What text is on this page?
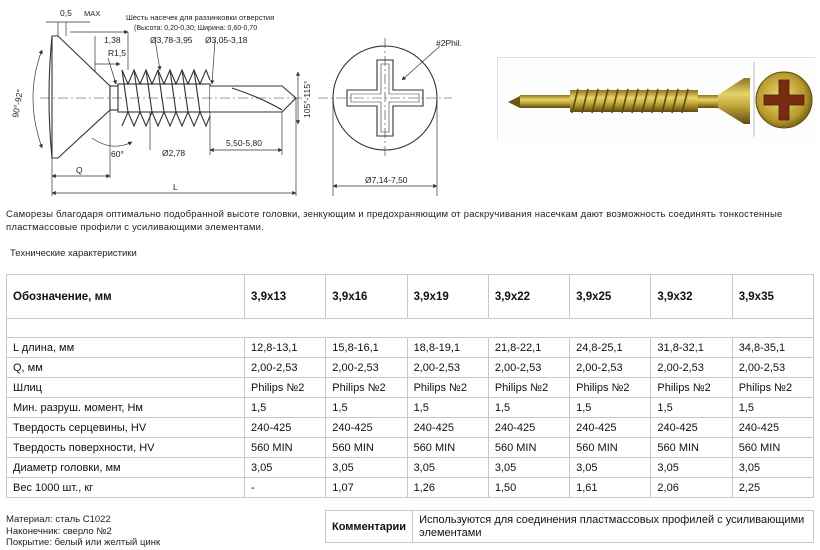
0,5 MAX	Шесть насечек для раззинковки отверстия
(Высота: 0,20-0,30; Ширина: 0,60-0,70
1,38	Ø3,78-3,95 Ø3,05-3,18
R1,5
90°-92°
60°	Ø2,78
5,50-5,80
105°-115°
Q
L
#2Phil.
Ø7,14-7,50
Саморезы благодаря оптимально подобранной высоте головки, зенкующим и предохраняющим от раскручивания насечкам дают возможность соединять тонкостенные пластмассовые профили с усиливающими элементами.
Технические характеристики
Обозначение, мм	3,9x13	3,9x16	3,9x19	3,9x22	3,9x25	3,9x32	3,9x35

L длина, мм	12,8-13,1	15,8-16,1	18,8-19,1	21,8-22,1	24,8-25,1	31,8-32,1	34,8-35,1
Q, мм	2,00-2,53	2,00-2,53	2,00-2,53	2,00-2,53	2,00-2,53	2,00-2,53	2,00-2,53
Шлиц	Philips №2	Philips №2	Philips №2	Philips №2	Philips №2	Philips №2	Philips №2
Мин. разруш. момент, Нм	1,5	1,5	1,5	1,5	1,5	1,5	1,5
Твердость серцевины, HV	240-425	240-425	240-425	240-425	240-425	240-425	240-425
Твердость поверхности, HV	560 MIN	560 MIN	560 MIN	560 MIN	560 MIN	560 MIN	560 MIN
Диаметр головки, мм	3,05	3,05	3,05	3,05	3,05	3,05	3,05
Вес 1000 шт., кг	-	1,07	1,26	1,50	1,61	2,06	2,25
Материал: сталь С1022
Наконечник: сверло №2
Покрытие: белый или желтый цинк
Комментарии	Используются для соединения пластмассовых профилей с усиливающими элементами
